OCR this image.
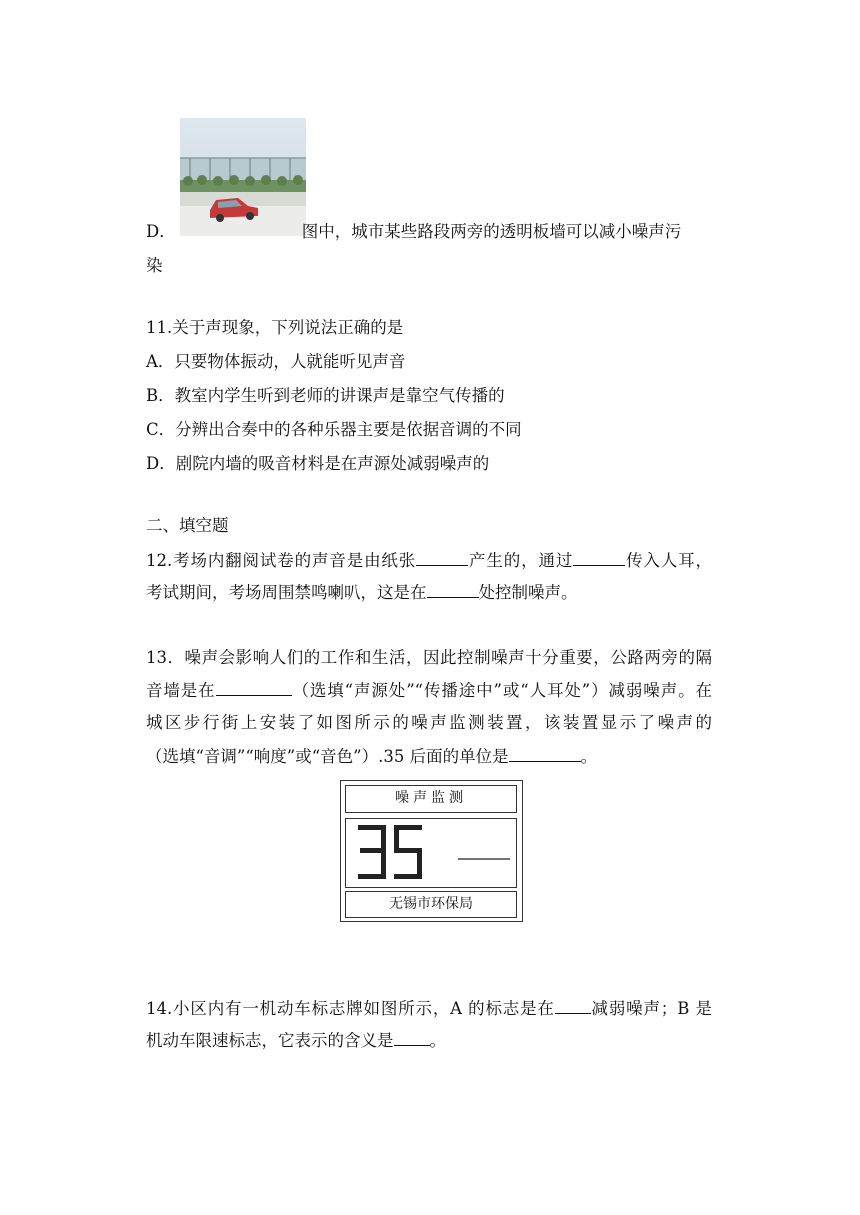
D．	图中，城市某些路段两旁的透明板墙可以减小噪声污
染
11.关于声现象，下列说法正确的是
A．只要物体振动，人就能听见声音
B．教室内学生听到老师的讲课声是靠空气传播的
C．分辨出合奏中的各种乐器主要是依据音调的不同
D．剧院内墙的吸音材料是在声源处减弱噪声的
二、填空题
12.考场内翻阅试卷的声音是由纸张	产生的，通过	传入人耳，
考试期间，考场周围禁鸣喇叭，这是在	处控制噪声。
13．噪声会影响人们的工作和生活，因此控制噪声十分重要，公路两旁的隔
音墙是在	（选填“声源处”“传播途中”或“人耳处”）减弱噪声。在
城区步行街上安装了如图所示的噪声监测装置，该装置显示了噪声的
（选填“音调”“响度”或“音色”）.35 后面的单位是	。
噪声监测
无锡市环保局
14.小区内有一机动车标志牌如图所示，A 的标志是在 减弱噪声；B 是
机动车限速标志，它表示的含义是 。
